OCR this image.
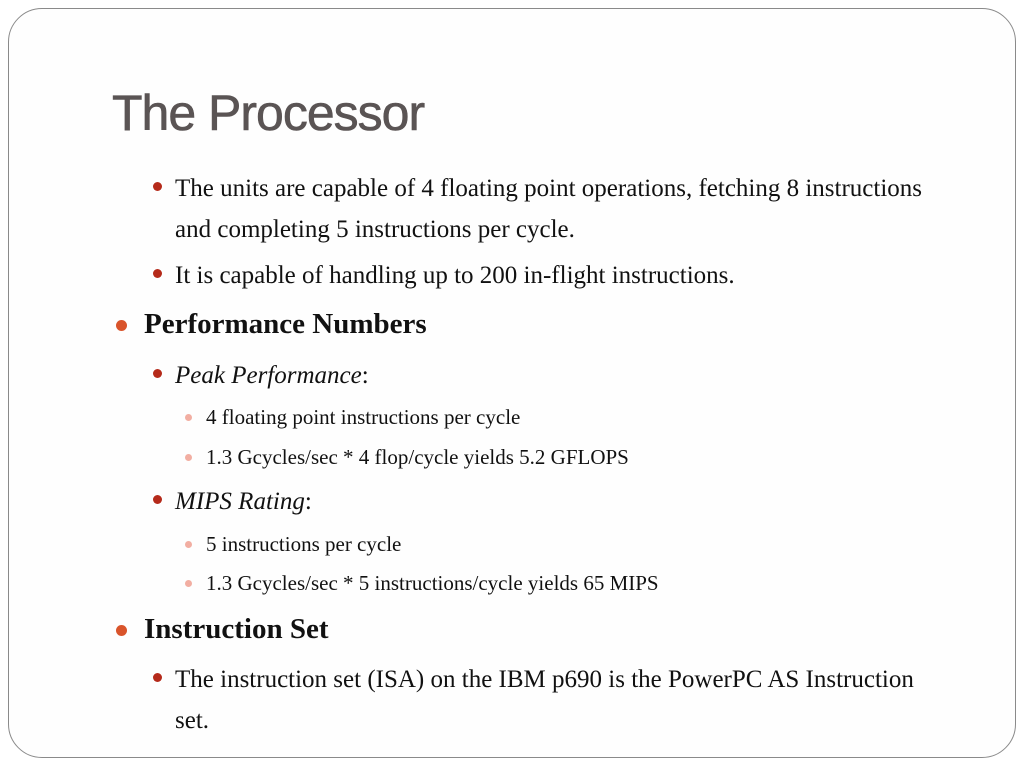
The Processor
The units are capable of 4 floating point operations, fetching 8 instructions and completing 5 instructions per cycle.
It is capable of handling up to 200 in-flight instructions.
Performance Numbers
Peak Performance:
4 floating point instructions per cycle
1.3 Gcycles/sec * 4 flop/cycle yields 5.2 GFLOPS
MIPS Rating:
5 instructions per cycle
1.3 Gcycles/sec * 5 instructions/cycle yields 65 MIPS
Instruction Set
The instruction set (ISA) on the IBM p690 is the PowerPC AS Instruction set.
